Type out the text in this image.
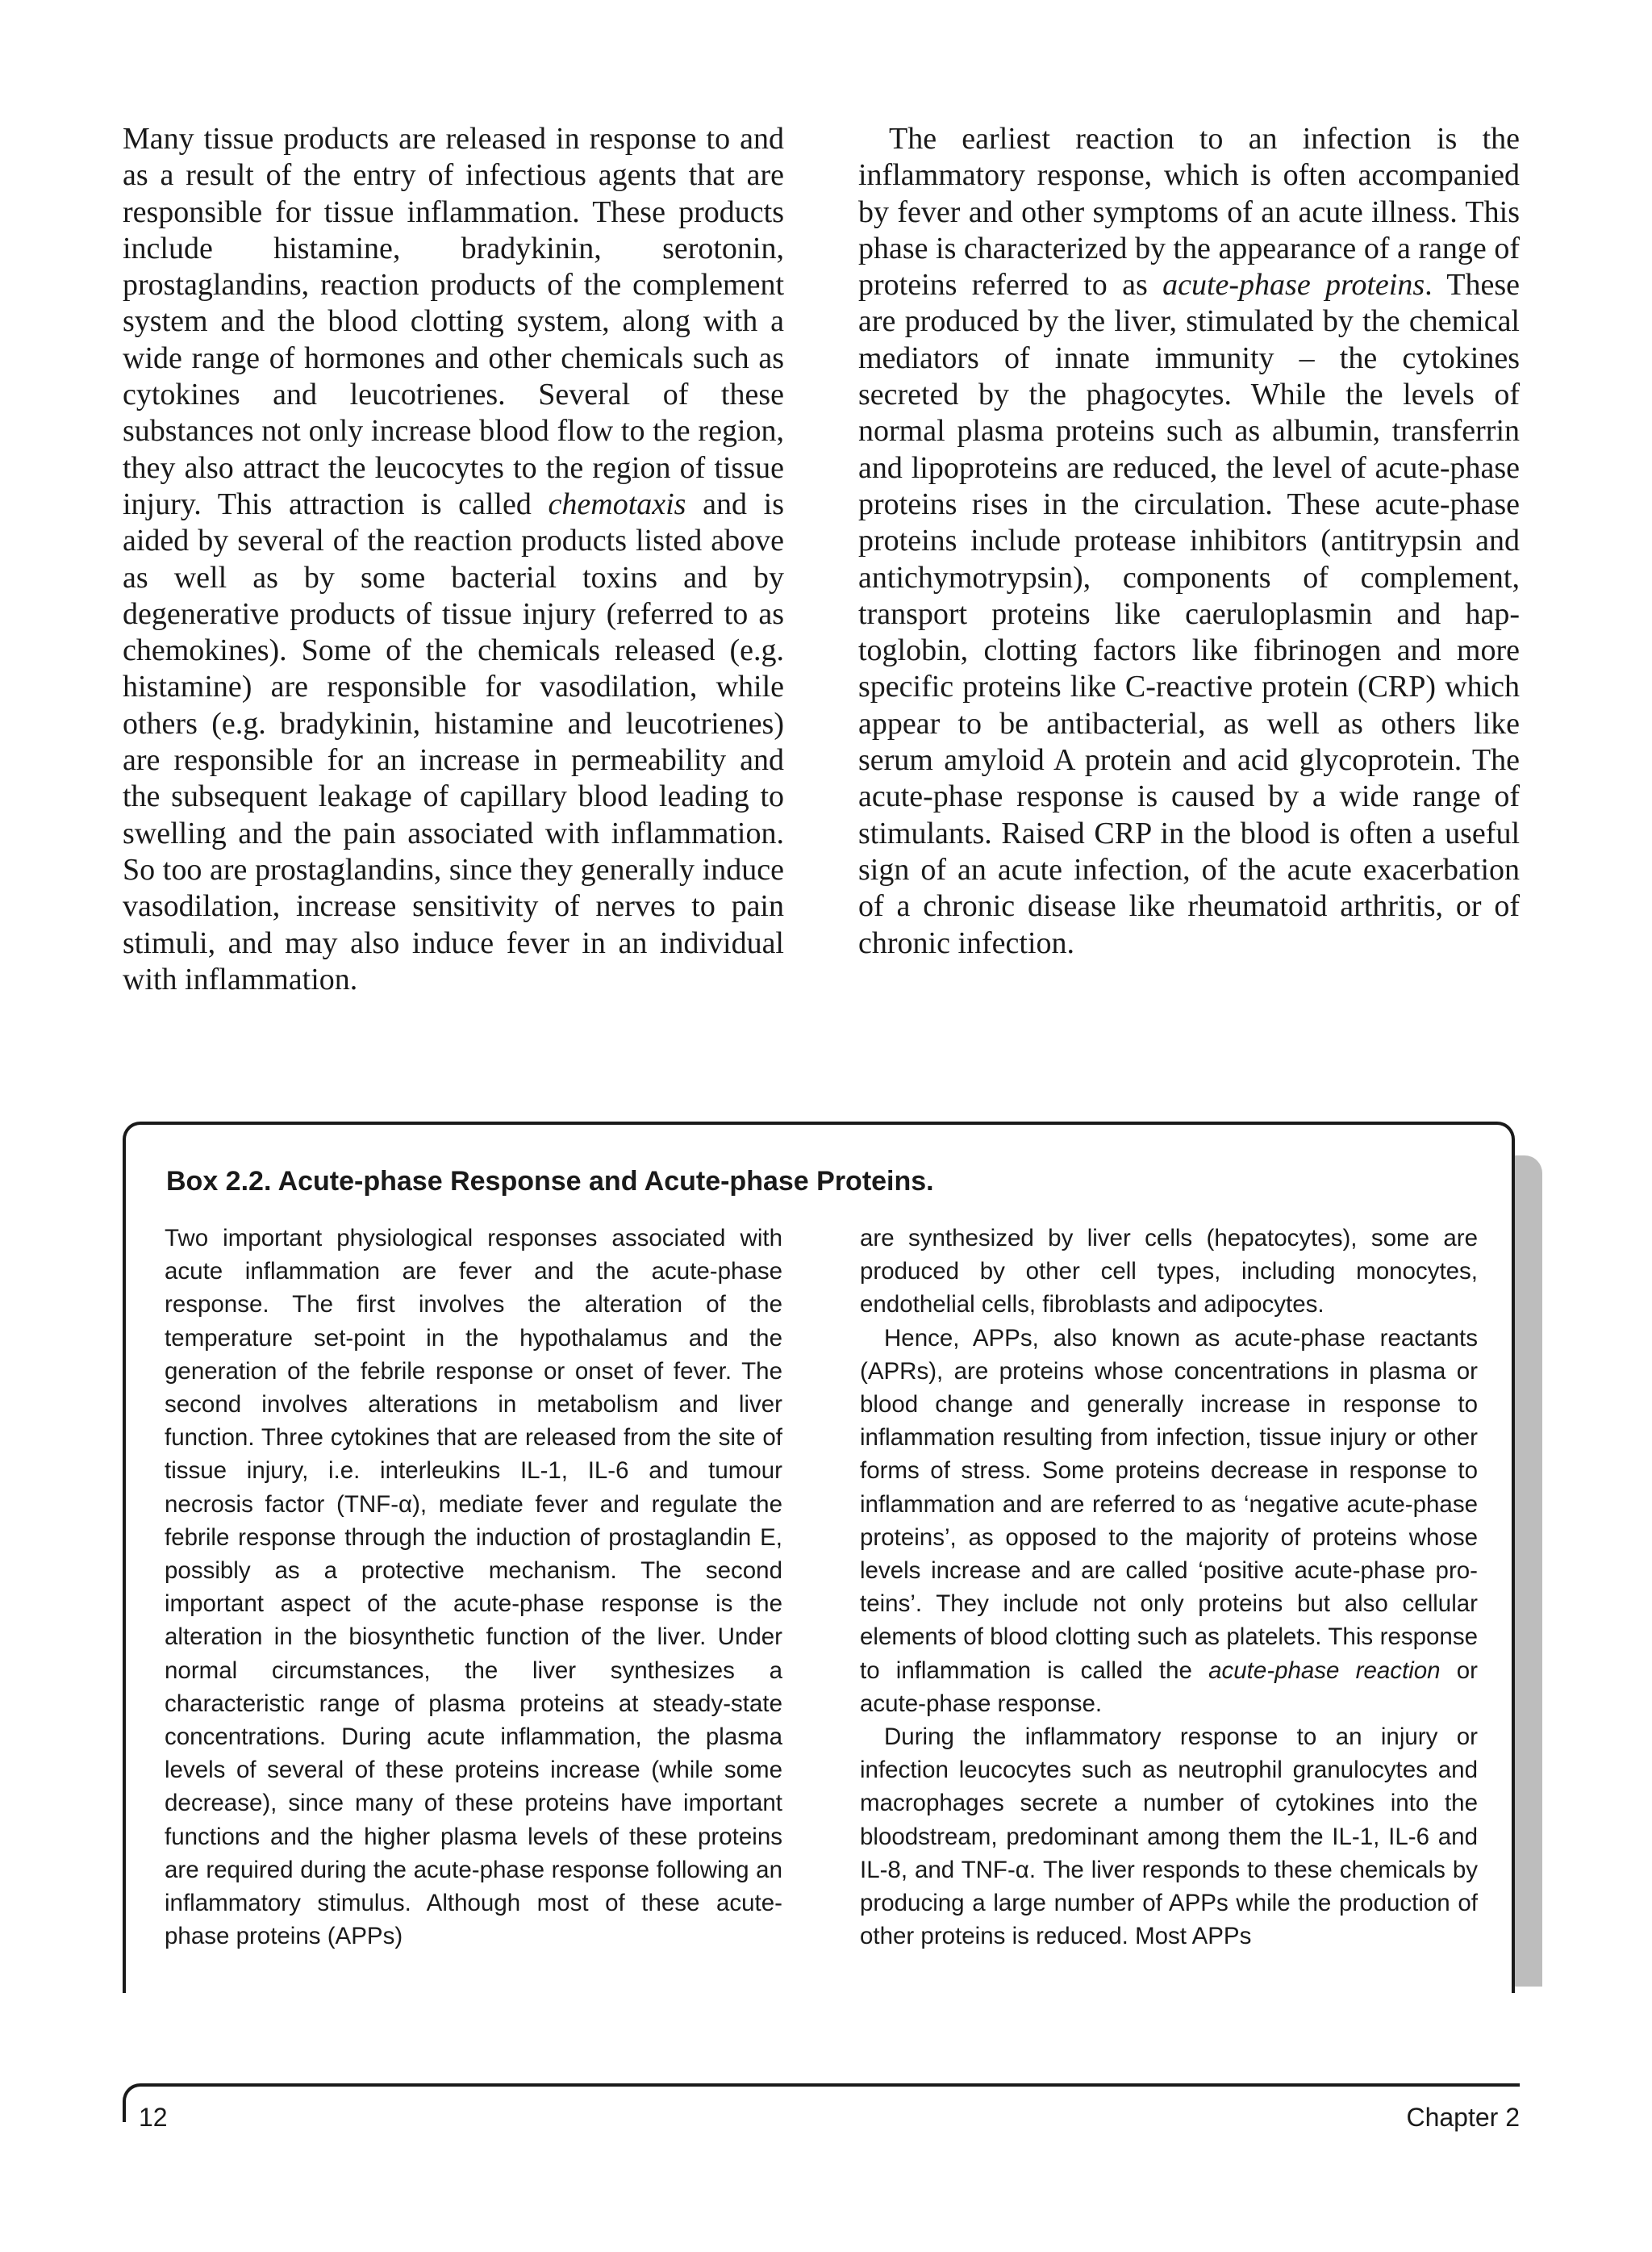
Many tissue products are released in response to and as a result of the entry of infectious agents that are responsible for tissue inflammation. These products include histamine, bradykinin, serotonin, prostaglandins, reaction products of the complement system and the blood clotting system, along with a wide range of hormones and other chemicals such as cytokines and leucotrienes. Several of these substances not only increase blood flow to the region, they also attract the leucocytes to the region of tissue injury. This attraction is called chemotaxis and is aided by several of the reaction products listed above as well as by some bacterial toxins and by degenerative products of tissue injury (referred to as chemokines). Some of the chemicals released (e.g. histamine) are responsible for vasodilation, while others (e.g. bradykinin, histamine and leucotrienes) are responsible for an increase in permeability and the subsequent leakage of capillary blood leading to swelling and the pain associated with inflammation. So too are prostaglandins, since they generally induce vasodilation, increase sensitivity of nerves to pain stimuli, and may also induce fever in an individual with inflammation.

The earliest reaction to an infection is the inflammatory response, which is often accompanied by fever and other symptoms of an acute illness. This phase is characterized by the appearance of a range of proteins referred to as acute-phase proteins. These are produced by the liver, stimulated by the chemical mediators of innate immunity – the cytokines secreted by the phagocytes. While the levels of normal plasma proteins such as albumin, transferrin and lipoproteins are reduced, the level of acute-phase proteins rises in the circulation. These acute-phase proteins include protease inhibitors (antitrypsin and antichymotrypsin), components of complement, transport proteins like caeruloplasmin and haptoglobin, clotting factors like fibrinogen and more specific proteins like C-reactive protein (CRP) which appear to be antibacterial, as well as others like serum amyloid A protein and acid glycoprotein. The acute-phase response is caused by a wide range of stimulants. Raised CRP in the blood is often a useful sign of an acute infection, of the acute exacerbation of a chronic disease like rheumatoid arthritis, or of chronic infection.

Box 2.2. Acute-phase Response and Acute-phase Proteins.

Two important physiological responses associated with acute inflammation are fever and the acute-phase response. The first involves the alteration of the temperature set-point in the hypothalamus and the generation of the febrile response or onset of fever. The second involves alterations in metabolism and liver function. Three cytokines that are released from the site of tissue injury, i.e. interleukins IL-1, IL-6 and tumour necrosis factor (TNF-α), mediate fever and regulate the febrile response through the induction of prostaglandin E, possibly as a protective mechanism. The second important aspect of the acute-phase response is the alteration in the biosynthetic function of the liver. Under normal circumstances, the liver synthesizes a characteristic range of plasma proteins at steady-state concentrations. During acute inflammation, the plasma levels of several of these proteins increase (while some decrease), since many of these proteins have important functions and the higher plasma levels of these proteins are required during the acute-phase response following an inflammatory stimulus. Although most of these acute-phase proteins (APPs)

are synthesized by liver cells (hepatocytes), some are produced by other cell types, including monocytes, endothelial cells, fibroblasts and adipocytes.

Hence, APPs, also known as acute-phase reactants (APRs), are proteins whose concentrations in plasma or blood change and generally increase in response to inflammation resulting from infection, tissue injury or other forms of stress. Some proteins decrease in response to inflammation and are referred to as ‘negative acute-phase proteins’, as opposed to the majority of proteins whose levels increase and are called ‘positive acute-phase proteins’. They include not only proteins but also cellular elements of blood clotting such as platelets. This response to inflammation is called the acute-phase reaction or acute-phase response.

During the inflammatory response to an injury or infection leucocytes such as neutrophil granulocytes and macrophages secrete a number of cytokines into the bloodstream, predominant among them the IL-1, IL-6 and IL-8, and TNF-α. The liver responds to these chemicals by producing a large number of APPs while the production of other proteins is reduced. Most APPs

12	Chapter 2
